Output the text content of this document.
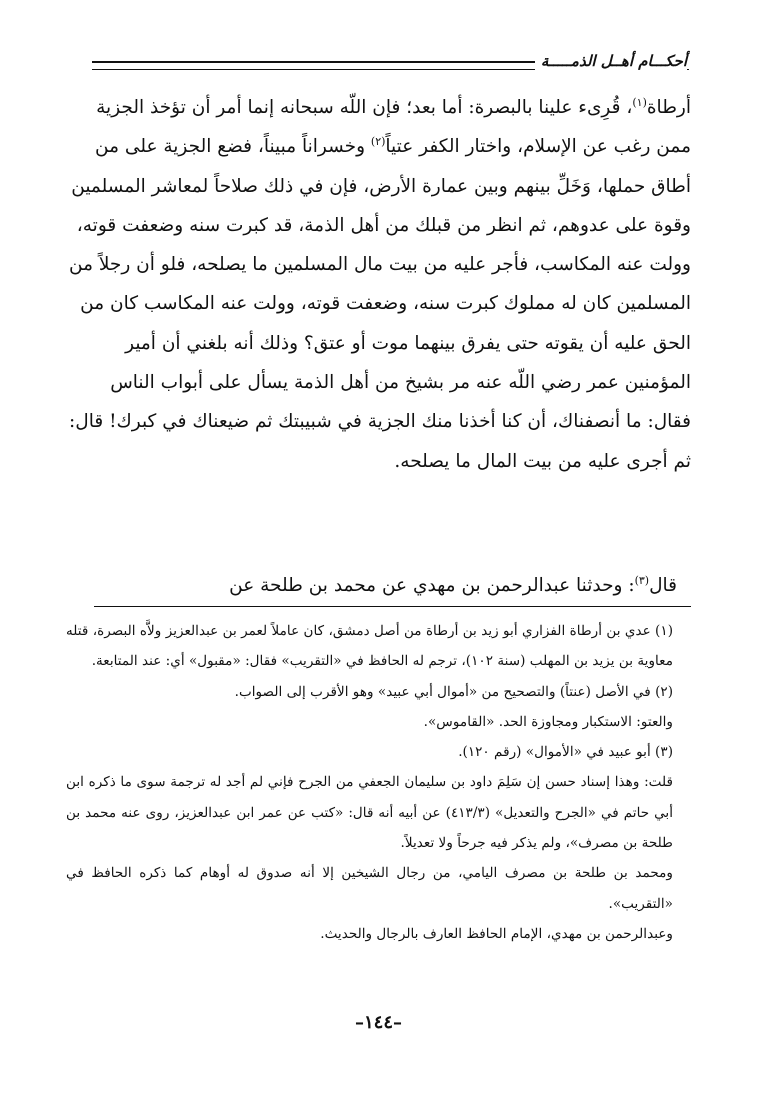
أحكـــام أهــل الذمـــــة

أرطاة$^{(١)}$، قُرِىء علينا بالبصرة: أما بعد؛ فإن اللّه سبحانه إنما أمر أن تؤخذ الجزية ممن رغب عن الإسلام، واختار الكفر عتياً$^{(٢)}$ وخسراناً مبيناً، فضع الجزية على من أطاق حملها، وَخَلِّ بينهم وبين عمارة الأرض، فإن في ذلك صلاحاً لمعاشر المسلمين وقوة على عدوهم، ثم انظر من قبلك من أهل الذمة، قد كبرت سنه وضعفت قوته، وولت عنه المكاسب، فأجر عليه من بيت مال المسلمين ما يصلحه، فلو أن رجلاً من المسلمين كان له مملوك كبرت سنه، وضعفت قوته، وولت عنه المكاسب كان من الحق عليه أن يقوته حتى يفرق بينهما موت أو عتق؟ وذلك أنه بلغني أن أمير المؤمنين عمر رضي اللّه عنه مر بشيخ من أهل الذمة يسأل على أبواب الناس فقال: ما أنصفناك، أن كنا أخذنا منك الجزية في شبيبتك ثم ضيعناك في كبرك! قال: ثم أجرى عليه من بيت المال ما يصلحه.

قال$^{(٣)}$: وحدثنا عبدالرحمن بن مهدي عن محمد بن طلحة عن

(١) عدي بن أرطاة الفزاري أبو زيد بن أرطاة من أصل دمشق، كان عاملاً لعمر بن عبدالعزيز ولاَّه البصرة، قتله معاوية بن يزيد بن المهلب (سنة ١٠٢)، ترجم له الحافظ في «التقريب» فقال: «مقبول» أي: عند المتابعة.

(٢) في الأصل (عنتاً) والتصحيح من «أموال أبي عبيد» وهو الأقرب إلى الصواب.

والعتو: الاستكبار ومجاوزة الحد. «القاموس».

(٣) أبو عبيد في «الأموال» (رقم ١٢٠).

قلت: وهذا إسناد حسن إن سَلِمَ داود بن سليمان الجعفي من الجرح فإني لم أجد له ترجمة سوى ما ذكره ابن أبي حاتم في «الجرح والتعديل» (٤١٣/٣) عن أبيه أنه قال: «كتب عن عمر ابن عبدالعزيز، روى عنه محمد بن طلحة بن مصرف»، ولم يذكر فيه جرحاً ولا تعديلاً.

ومحمد بن طلحة بن مصرف اليامي، من رجال الشيخين إلا أنه صدوق له أوهام كما ذكره الحافظ في «التقريب».

وعبدالرحمن بن مهدي، الإمام الحافظ العارف بالرجال والحديث.

–١٤٤–
